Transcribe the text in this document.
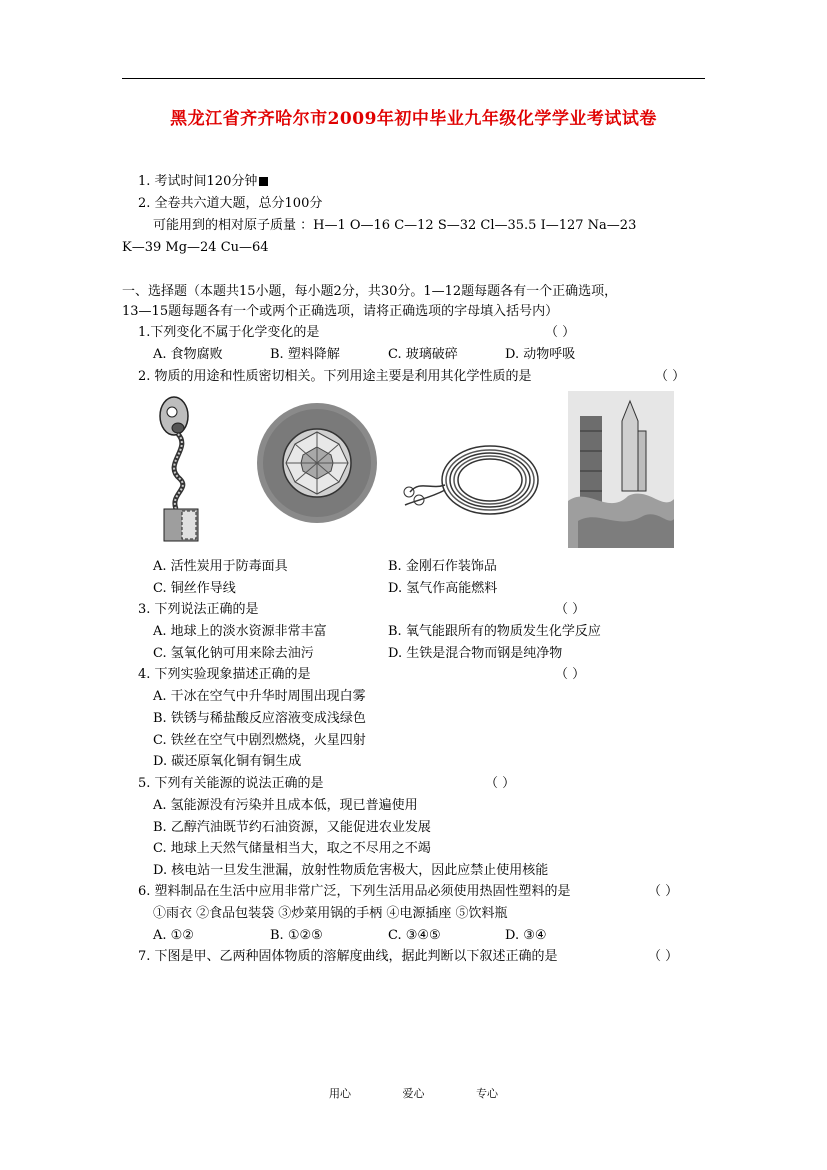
黑龙江省齐齐哈尔市2009年初中毕业九年级化学学业考试试卷
1. 考试时间120分钟
2. 全卷共六道大题，总分100分
可能用到的相对原子质量 ：H—1 O—16 C—12 S—32 Cl—35.5 I—127 Na—23
K—39 Mg—24 Cu—64
一、选择题（本题共15小题，每小题2分，共30分。1—12题每题各有一个正确选项，
13—15题每题各有一个或两个正确选项，请将正确选项的字母填入括号内）
1.下列变化不属于化学变化的是	（ ）
A. 食物腐败	B. 塑料降解	C. 玻璃破碎	D. 动物呼吸
2. 物质的用途和性质密切相关。下列用途主要是利用其化学性质的是	（ ）
A. 活性炭用于防毒面具	B. 金刚石作装饰品
C. 铜丝作导线	D. 氢气作高能燃料
3. 下列说法正确的是	（ ）
A. 地球上的淡水资源非常丰富	B. 氧气能跟所有的物质发生化学反应
C. 氢氧化钠可用来除去油污	D. 生铁是混合物而钢是纯净物
4. 下列实验现象描述正确的是	（ ）
A. 干冰在空气中升华时周围出现白雾
B. 铁锈与稀盐酸反应溶液变成浅绿色
C. 铁丝在空气中剧烈燃烧，火星四射
D. 碳还原氧化铜有铜生成
5. 下列有关能源的说法正确的是	（ ）
A. 氢能源没有污染并且成本低，现已普遍使用
B. 乙醇汽油既节约石油资源，又能促进农业发展
C. 地球上天然气储量相当大，取之不尽用之不竭
D. 核电站一旦发生泄漏，放射性物质危害极大，因此应禁止使用核能
6. 塑料制品在生活中应用非常广泛，下列生活用品必须使用热固性塑料的是	（ ）
①雨衣 ②食品包装袋 ③炒菜用锅的手柄 ④电源插座 ⑤饮料瓶
A. ①②	B. ①②⑤	C. ③④⑤	D. ③④
7. 下图是甲、乙两种固体物质的溶解度曲线，据此判断以下叙述正确的是	（ ）
用心	爱心	专心
